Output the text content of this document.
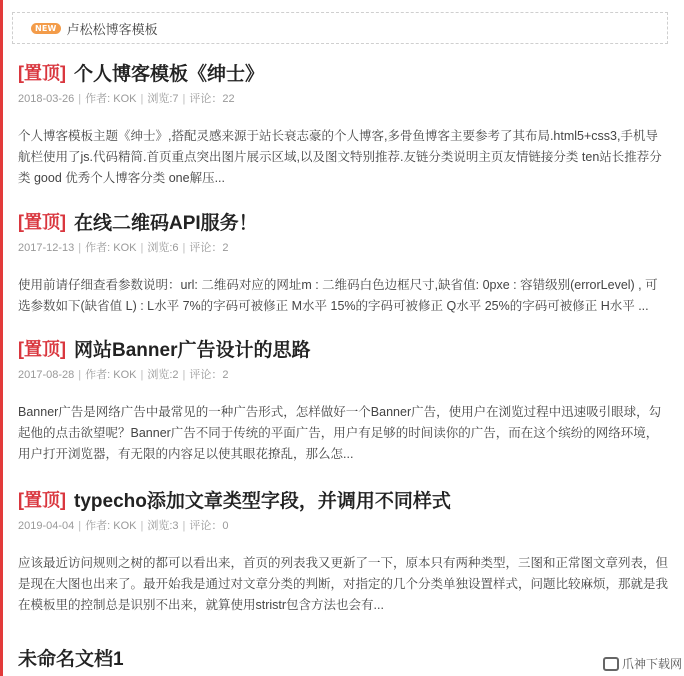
NEW 卢松松博客模板
[置顶] 个人博客模板《绅士》
2018-03-26 | 作者: KOK | 浏览:7 | 评论：22
个人博客模板主题《绅士》,搭配灵感来源于站长衰志豪的个人博客,多骨鱼博客主要参考了其布局.html5+css3,手机导航栏使用了js.代码精简.首页重点突出图片展示区域,以及图文特别推荐.友链分类说明主页友情链接分类 ten站长推荐分类 good 优秀个人博客分类 one解压...
[置顶] 在线二维码API服务！
2017-12-13 | 作者: KOK | 浏览:6 | 评论：2
使用前请仔细查看参数说明：url: 二维码对应的网址m : 二维码白色边框尺寸,缺省值: 0pxe : 容错级别(errorLevel) , 可选参数如下(缺省值 L) : L水平 7%的字码可被修正 M水平 15%的字码可被修正 Q水平 25%的字码可被修正 H水平 ...
[置顶] 网站Banner广告设计的思路
2017-08-28 | 作者: KOK | 浏览:2 | 评论：2
Banner广告是网络广告中最常见的一种广告形式，怎样做好一个Banner广告，使用户在浏览过程中迅速吸引眼球，勾起他的点击欲望呢？Banner广告不同于传统的平面广告，用户有足够的时间读你的广告，而在这个缤纷的网络环境，用户打开浏览器，有无限的内容足以使其眼花撩乱，那么怎...
[置顶] typecho添加文章类型字段，并调用不同样式
2019-04-04 | 作者: KOK | 浏览:3 | 评论：0
应该最近访问规则之树的都可以看出来，首页的列表我又更新了一下，原本只有两种类型，三图和正常图文章列表，但是现在大图也出来了。最开始我是通过对文章分类的判断，对指定的几个分类单独设置样式，问题比较麻烦，那就是我在模板里的控制总是识别不出来，就算使用stristr包含方法也会有...
未命名文档1	爪神下载网
